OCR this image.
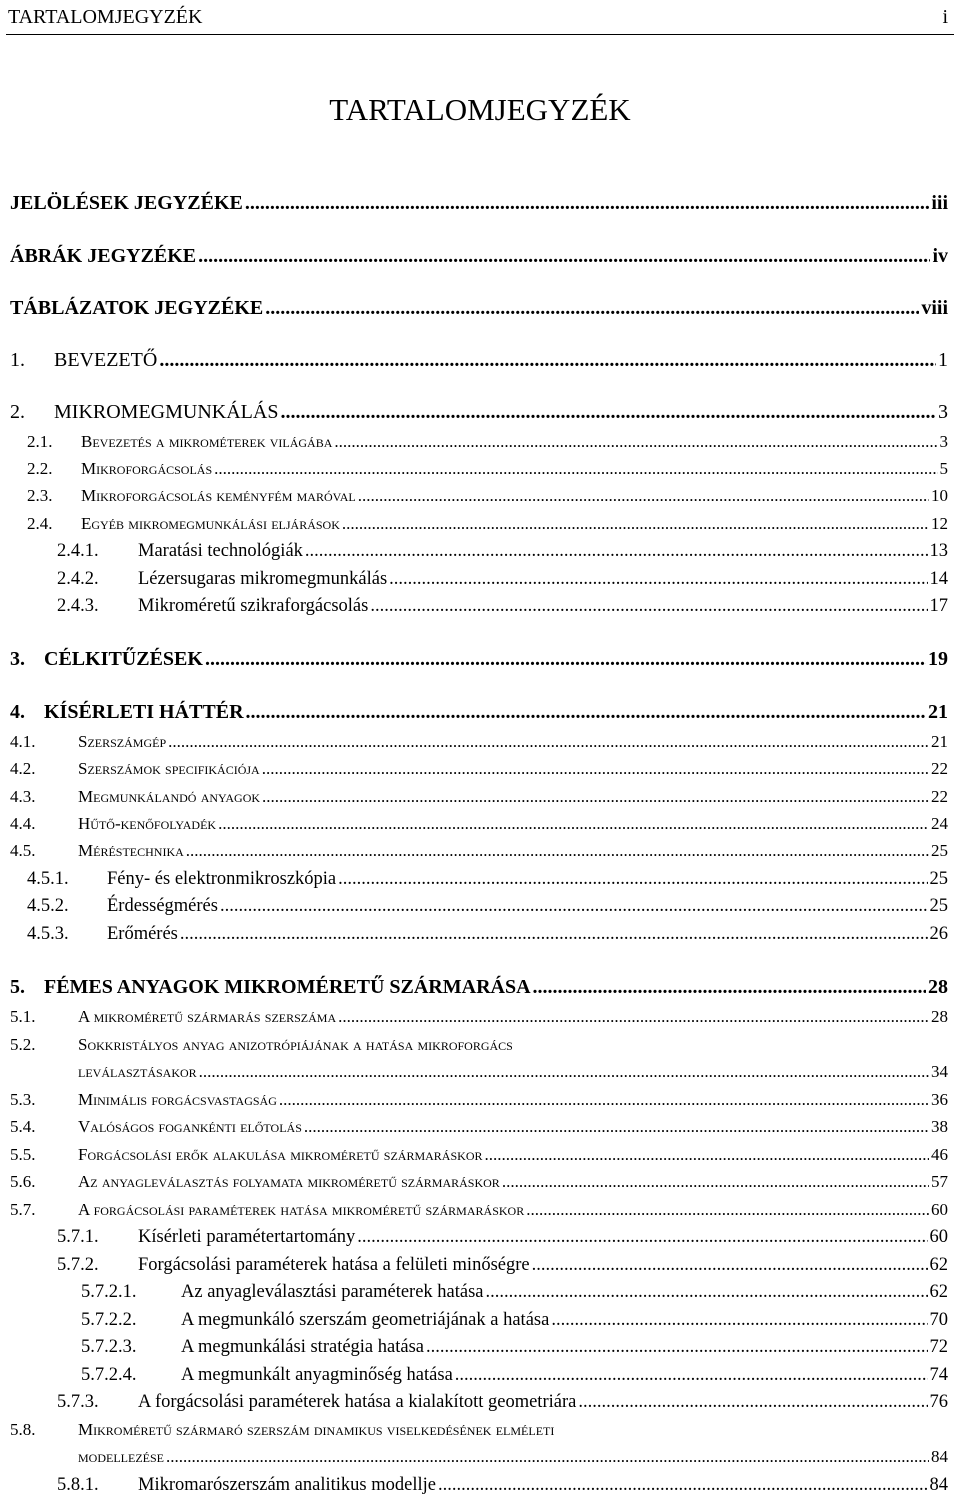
TARTALOMJEGYZÉK	i
TARTALOMJEGYZÉK
JELÖLÉSEK JEGYZÉKE .....	iii
ÁBRÁK JEGYZÉKE .....	iv
TÁBLÁZATOK JEGYZÉKE .....	viii
1.	BEVEZETŐ .....	1
2.	MIKROMEGMUNKÁLÁS .....	3
2.1.	Bevezetés a mikrométerek világába .....	3
2.2.	Mikroforgácsolás .....	5
2.3.	Mikroforgácsolás keményfém maróval .....	10
2.4.	Egyéb mikromegmunkálási eljárások .....	12
2.4.1.	Maratási technológiák .....	13
2.4.2.	Lézersugaras mikromegmunkálás .....	14
2.4.3.	Mikroméretű szikraforgácsolás .....	17
3. CÉLKITŰZÉSEK .....	19
4. KÍSÉRLETI HÁTTÉR .....	21
4.1.	Szerszámgép .....	21
4.2.	Szerszámok specifikációja .....	22
4.3.	Megmunkálandó anyagok .....	22
4.4.	Hűtő-kenőfolyadék .....	24
4.5.	Méréstechnika .....	25
4.5.1.	Fény- és elektronmikroszkópia .....	25
4.5.2.	Érdességmérés .....	25
4.5.3.	Erőmérés .....	26
5. FÉMES ANYAGOK MIKROMÉRETŰ SZÁRMARÁSA .....	28
5.1.	A mikroméretű szármarás szerszáma .....	28
5.2.	Sokkristályos anyag anizotrópiájának a hatása mikroforgács
leválasztásakor .....	34
5.3.	Minimális forgácsvastagság .....	36
5.4.	Valóságos fogankénti előtolás .....	38
5.5.	Forgácsolási erők alakulása mikroméretű szármaráskor .....	46
5.6.	Az anyagleválasztás folyamata mikroméretű szármaráskor .....	57
5.7.	A forgácsolási paraméterek hatása mikroméretű szármaráskor .....	60
5.7.1.	Kísérleti paramétertartomány .....	60
5.7.2.	Forgácsolási paraméterek hatása a felületi minőségre .....	62
5.7.2.1.	Az anyagleválasztási paraméterek hatása .....	62
5.7.2.2.	A megmunkáló szerszám geometriájának a hatása .....	70
5.7.2.3.	A megmunkálási stratégia hatása .....	72
5.7.2.4.	A megmunkált anyagminőség hatása .....	74
5.7.3.	A forgácsolási paraméterek hatása a kialakított geometriára .....	76
5.8.	Mikroméretű szármaró szerszám dinamikus viselkedésének elméleti
modellezése .....	84
5.8.1.	Mikromarószerszám analitikus modellje .....	84
